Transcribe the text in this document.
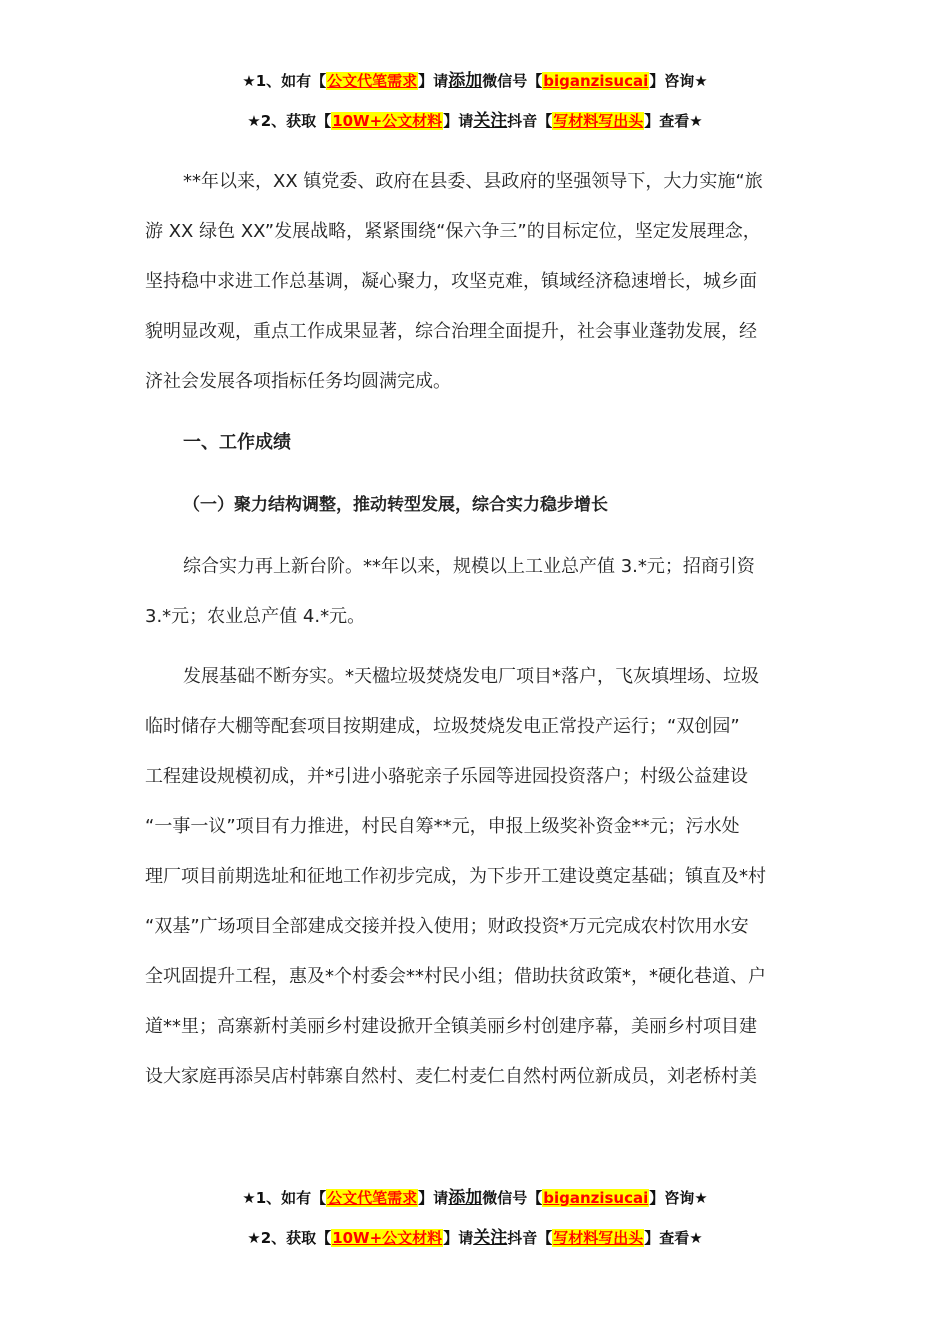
★1、如有【公文代笔需求】请添加微信号【biganzisucai】咨询★
★2、获取【10W+公文材料】请关注抖音【写材料写出头】查看★

**年以来，XX 镇党委、政府在县委、县政府的坚强领导下，大力实施“旅
游 XX 绿色 XX”发展战略，紧紧围绕“保六争三”的目标定位，坚定发展理念，
坚持稳中求进工作总基调，凝心聚力，攻坚克难，镇域经济稳速增长，城乡面
貌明显改观，重点工作成果显著，综合治理全面提升，社会事业蓬勃发展，经
济社会发展各项指标任务均圆满完成。

一、工作成绩
（一）聚力结构调整，推动转型发展，综合实力稳步增长

综合实力再上新台阶。**年以来，规模以上工业总产值 3.*元；招商引资
3.*元；农业总产值 4.*元。

发展基础不断夯实。*天楹垃圾焚烧发电厂项目*落户，飞灰填埋场、垃圾
临时储存大棚等配套项目按期建成，垃圾焚烧发电正常投产运行；“双创园”
工程建设规模初成，并*引进小骆驼亲子乐园等进园投资落户；村级公益建设
“一事一议”项目有力推进，村民自筹**元，申报上级奖补资金**元；污水处
理厂项目前期选址和征地工作初步完成，为下步开工建设奠定基础；镇直及*村
“双基”广场项目全部建成交接并投入使用；财政投资*万元完成农村饮用水安
全巩固提升工程，惠及*个村委会**村民小组；借助扶贫政策*，*硬化巷道、户
道**里；高寨新村美丽乡村建设掀开全镇美丽乡村创建序幕，美丽乡村项目建
设大家庭再添吴店村韩寨自然村、麦仁村麦仁自然村两位新成员，刘老桥村美

★1、如有【公文代笔需求】请添加微信号【biganzisucai】咨询★
★2、获取【10W+公文材料】请关注抖音【写材料写出头】查看★
